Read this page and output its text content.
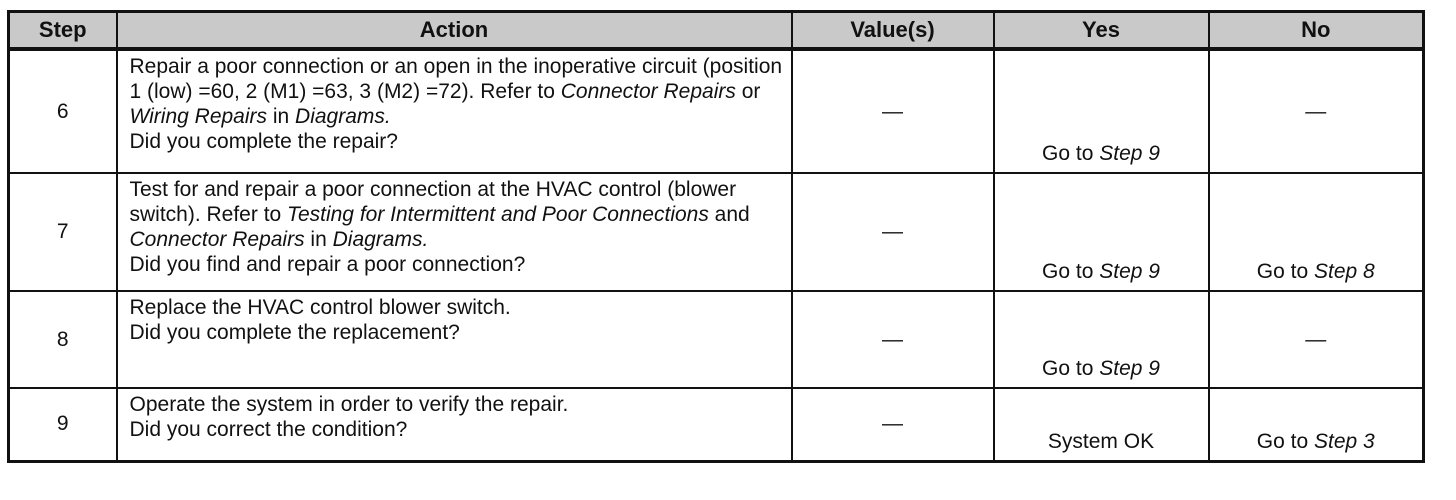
Step	Action	Value(s)	Yes	No
6	Repair a poor connection or an open in the inoperative circuit (position 1 (low) =60, 2 (M1) =63, 3 (M2) =72). Refer to Connector Repairs or Wiring Repairs in Diagrams.
Did you complete the repair?	—	Go to Step 9	—

7	Test for and repair a poor connection at the HVAC control (blower switch). Refer to Testing for Intermittent and Poor Connections and Connector Repairs in Diagrams.
Did you find and repair a poor connection?	—	Go to Step 9	Go to Step 8

8	Replace the HVAC control blower switch.
Did you complete the replacement?	—	Go to Step 9	—

9	Operate the system in order to verify the repair.
Did you correct the condition?	—	System OK	Go to Step 3
